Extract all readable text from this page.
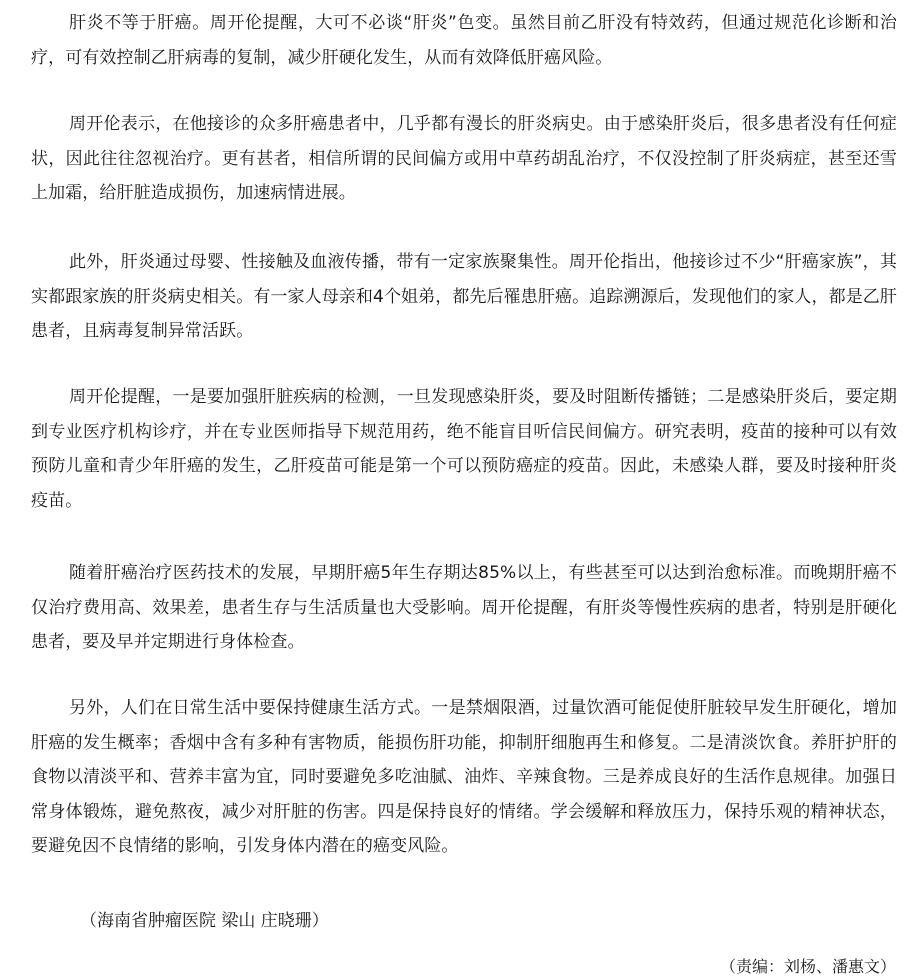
肝炎不等于肝癌。周开伦提醒，大可不必谈“肝炎”色变。虽然目前乙肝没有特效药，但通过规范化诊断和治疗，可有效控制乙肝病毒的复制，减少肝硬化发生，从而有效降低肝癌风险。

周开伦表示，在他接诊的众多肝癌患者中，几乎都有漫长的肝炎病史。由于感染肝炎后，很多患者没有任何症状，因此往往忽视治疗。更有甚者，相信所谓的民间偏方或用中草药胡乱治疗，不仅没控制了肝炎病症，甚至还雪上加霜，给肝脏造成损伤，加速病情进展。

此外，肝炎通过母婴、性接触及血液传播，带有一定家族聚集性。周开伦指出，他接诊过不少“肝癌家族”，其实都跟家族的肝炎病史相关。有一家人母亲和4个姐弟，都先后罹患肝癌。追踪溯源后，发现他们的家人，都是乙肝患者，且病毒复制异常活跃。

周开伦提醒，一是要加强肝脏疾病的检测，一旦发现感染肝炎，要及时阻断传播链；二是感染肝炎后，要定期到专业医疗机构诊疗，并在专业医师指导下规范用药，绝不能盲目听信民间偏方。研究表明，疫苗的接种可以有效预防儿童和青少年肝癌的发生，乙肝疫苗可能是第一个可以预防癌症的疫苗。因此，未感染人群，要及时接种肝炎疫苗。

随着肝癌治疗医药技术的发展，早期肝癌5年生存期达85%以上，有些甚至可以达到治愈标准。而晚期肝癌不仅治疗费用高、效果差，患者生存与生活质量也大受影响。周开伦提醒，有肝炎等慢性疾病的患者，特别是肝硬化患者，要及早并定期进行身体检查。

另外，人们在日常生活中要保持健康生活方式。一是禁烟限酒，过量饮酒可能促使肝脏较早发生肝硬化，增加肝癌的发生概率；香烟中含有多种有害物质，能损伤肝功能，抑制肝细胞再生和修复。二是清淡饮食。养肝护肝的食物以清淡平和、营养丰富为宜，同时要避免多吃油腻、油炸、辛辣食物。三是养成良好的生活作息规律。加强日常身体锻炼，避免熬夜，减少对肝脏的伤害。四是保持良好的情绪。学会缓解和释放压力，保持乐观的精神状态，要避免因不良情绪的影响，引发身体内潜在的癌变风险。

（海南省肿瘤医院 梁山 庄晓珊）

（责编：刘杨、潘惠文）
